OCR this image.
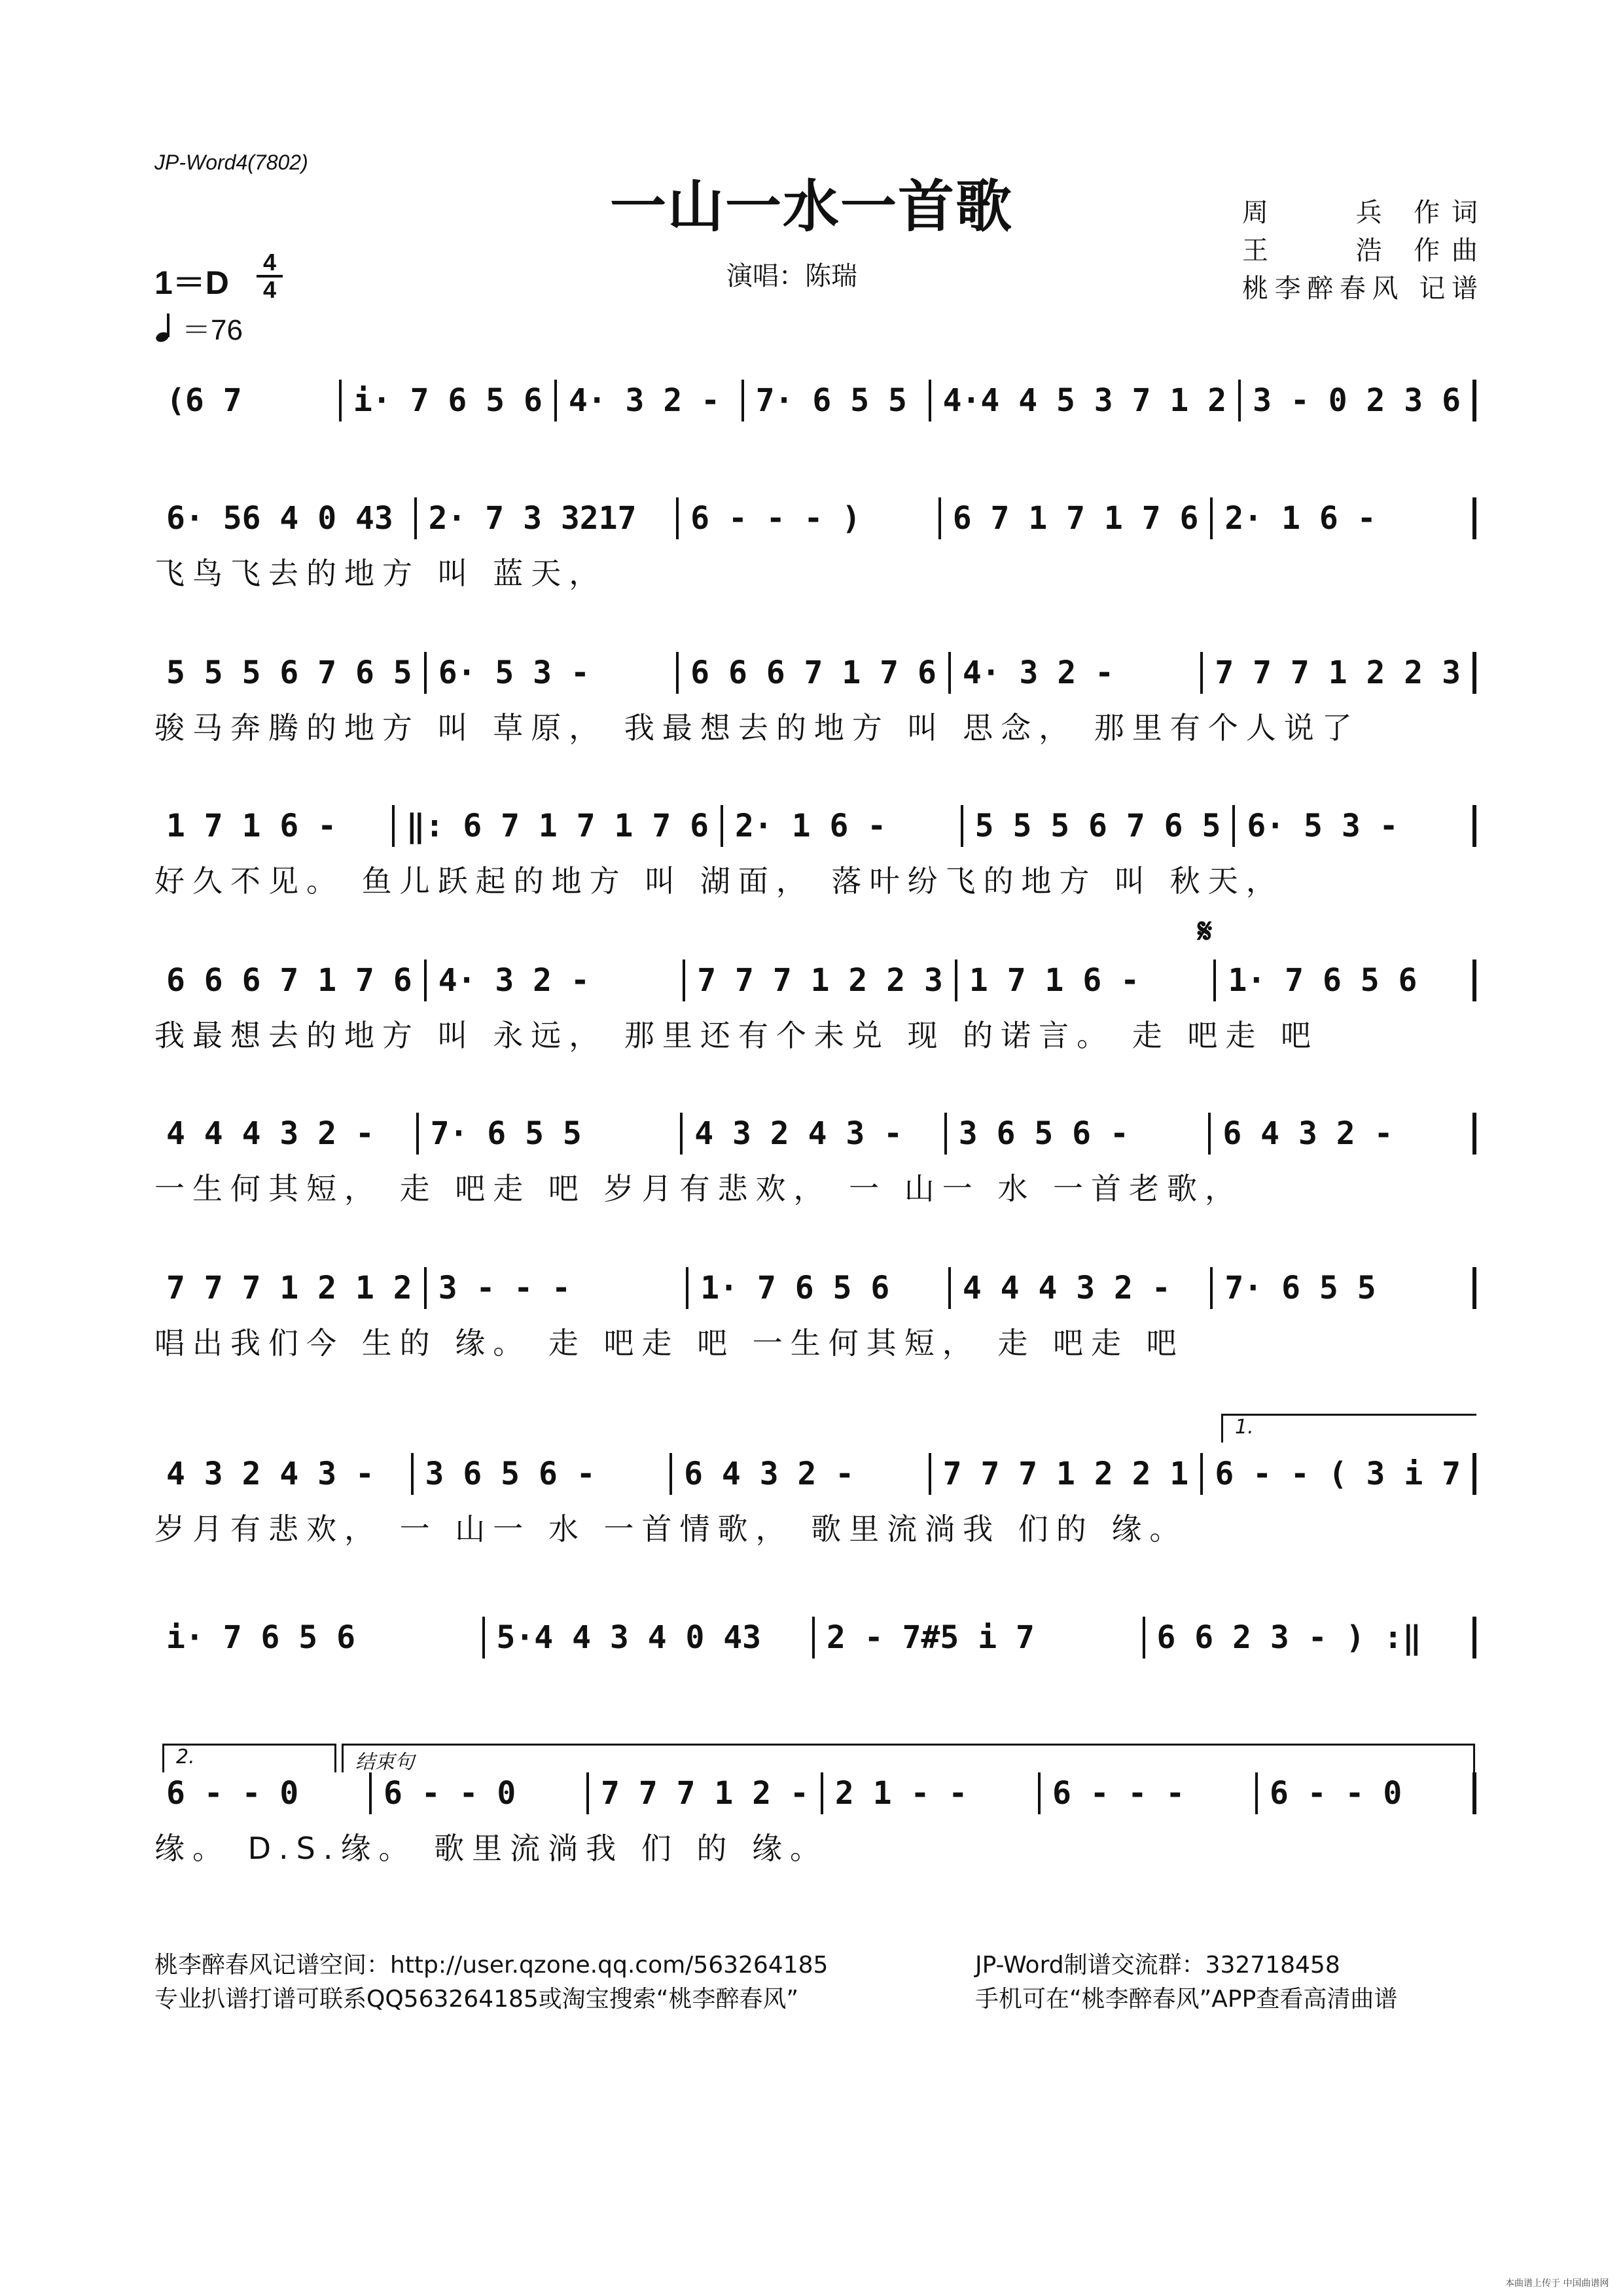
JP-Word4(7802)
一山一水一首歌
演唱：陈瑞
周　　兵 作词
王　　浩 作曲
桃李醉春风 记谱
1＝D
4
4
＝76
𝄋
(6 7	i· 7 6 5 6 4· 3 2 -	7· 6 5 5	4·4 4 5 3 7 1 2 3 - 0 2 3 6
6· 56 4 0 43	2· 7 3 3217	6 - - - )	6 7 1 7 1 7 6 2· 1 6 -
飞鸟飞去的地方 叫 蓝天，
5 5 5 6 7 6 5 6· 5 3 -	6 6 6 7 1 7 6 4· 3 2 -	7 7 7 1 2 2 3
骏马奔腾的地方 叫 草原， 我最想去的地方 叫 思念， 那里有个人说了
1 7 1 6 -	‖: 6 7 1 7 1 7 6 2· 1 6 -	5 5 5 6 7 6 5 6· 5 3 -
好久不见。 鱼儿跃起的地方 叫 湖面， 落叶纷飞的地方 叫 秋天，
6 6 6 7 1 7 6 4· 3 2 -	7 7 7 1 2 2 3 1 7 1 6 -	1· 7 6 5 6
我最想去的地方 叫 永远， 那里还有个未兑 现 的诺言。 走 吧走 吧
4 4 4 3 2 -	7· 6 5 5	4 3 2 4 3 -	3 6 5 6 -	6 4 3 2 -
一生何其短， 走 吧走 吧 岁月有悲欢， 一 山一 水 一首老歌，
7 7 7 1 2 1 2 3 - - -	1· 7 6 5 6	4 4 4 3 2 -	7· 6 5 5
唱出我们今 生的 缘。 走 吧走 吧 一生何其短， 走 吧走 吧
4 3 2 4 3 -	3 6 5 6 -	6 4 3 2 -	7 7 7 1 2 2 1 6 - - ( 3 i 7
岁月有悲欢， 一 山一 水 一首情歌， 歌里流淌我 们的 缘。
i· 7 6 5 6	5·4 4 3 4 0 43	2 - 7#5 i 7	6 6 2 3 - ) :‖
6 - - 0	6 - - 0	7 7 7 1 2 - 2 1 - -	6 - - -	6 - - 0
缘。 D.S.缘。 歌里流淌我 们 的 缘。
1.
2.	结束句
桃李醉春风记谱空间：http://user.qzone.qq.com/563264185	JP-Word制谱交流群：332718458
专业扒谱打谱可联系QQ563264185或淘宝搜索“桃李醉春风”	手机可在“桃李醉春风”APP查看高清曲谱
本曲谱上传于 中国曲谱网
